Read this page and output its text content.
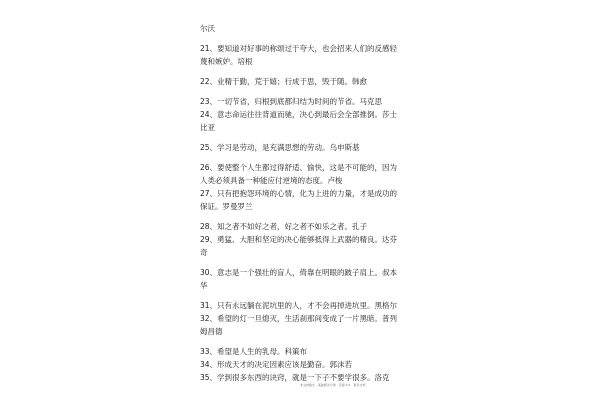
尔沃
21、要知道对好事的称颂过于夸大，也会招来人们的反感轻
蔑和嫉妒。培根
22、业精于勤，荒于嬉；行成于思，毁于随。韩愈
23、一切节省，归根到底都归结为时间的节省。马克思
24、意志命运往往背道而驰，决心到最后会全部推倒。莎士
比亚
25、学习是劳动，是充满思想的劳动。乌申斯基
26、要使整个人生都过得舒适、愉快，这是不可能的，因为
人类必须具备一种能应付逆境的态度。卢梭
27、只有把抱怨环境的心情，化为上进的力量，才是成功的
保证。罗曼罗兰
28、知之者不如好之者，好之者不如乐之者。孔子
29、勇猛、大胆和坚定的决心能够抵得上武器的精良。达芬
奇
30、意志是一个强壮的盲人，倚靠在明眼的跛子肩上。叔本
华
31、只有永远躺在泥坑里的人，才不会再掉进坑里。黑格尔
32、希望的灯一旦熄灭，生活刹那间变成了一片黑暗。普列
姆昌德
33、希望是人生的乳母。科策布
34、形成天才的决定因素应该是勤奋。郭沫若
35、学到很多东西的诀窍，就是一下子不要学很多。洛克
本文档格式 · 基础相关分类 · 页面 1/1 · 更多文档
